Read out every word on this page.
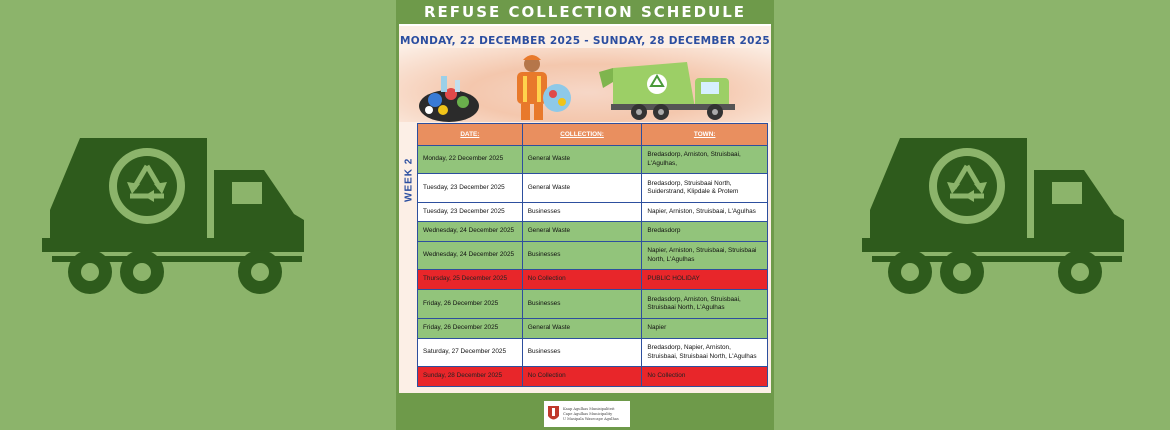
REFUSE COLLECTION SCHEDULE
MONDAY, 22 DECEMBER 2025 - SUNDAY, 28 DECEMBER 2025
WEEK 2
DATE:	COLLECTION:	TOWN:
Monday, 22 December 2025	General Waste	Bredasdorp, Arniston, Struisbaai, L'Agulhas,
Tuesday, 23 December 2025	General Waste	Bredasdorp, Struisbaai North, Suiderstrand, Klipdale & Protem
Tuesday, 23 December 2025	Businesses	Napier, Arniston, Struisbaai, L'Agulhas
Wednesday, 24 December 2025	General Waste	Bredasdorp
Wednesday, 24 December 2025	Businesses	Napier, Arniston, Struisbaai, Struisbaai North, L'Agulhas
Thursday, 25 December 2025	No Collection	PUBLIC HOLIDAY
Friday, 26 December 2025	Businesses	Bredasdorp, Arniston, Struisbaai, Struisbaai North, L'Agulhas
Friday, 26 December 2025	General Waste	Napier
Saturday, 27 December 2025	Businesses	Bredasdorp, Napier, Arniston, Struisbaai, Struisbaai North, L'Agulhas
Sunday, 28 December 2025	No Collection	No Collection
Kaap Agulhas Munisipaliteit
Cape Agulhas Municipality
U Masipala Wasecape Agulhas
